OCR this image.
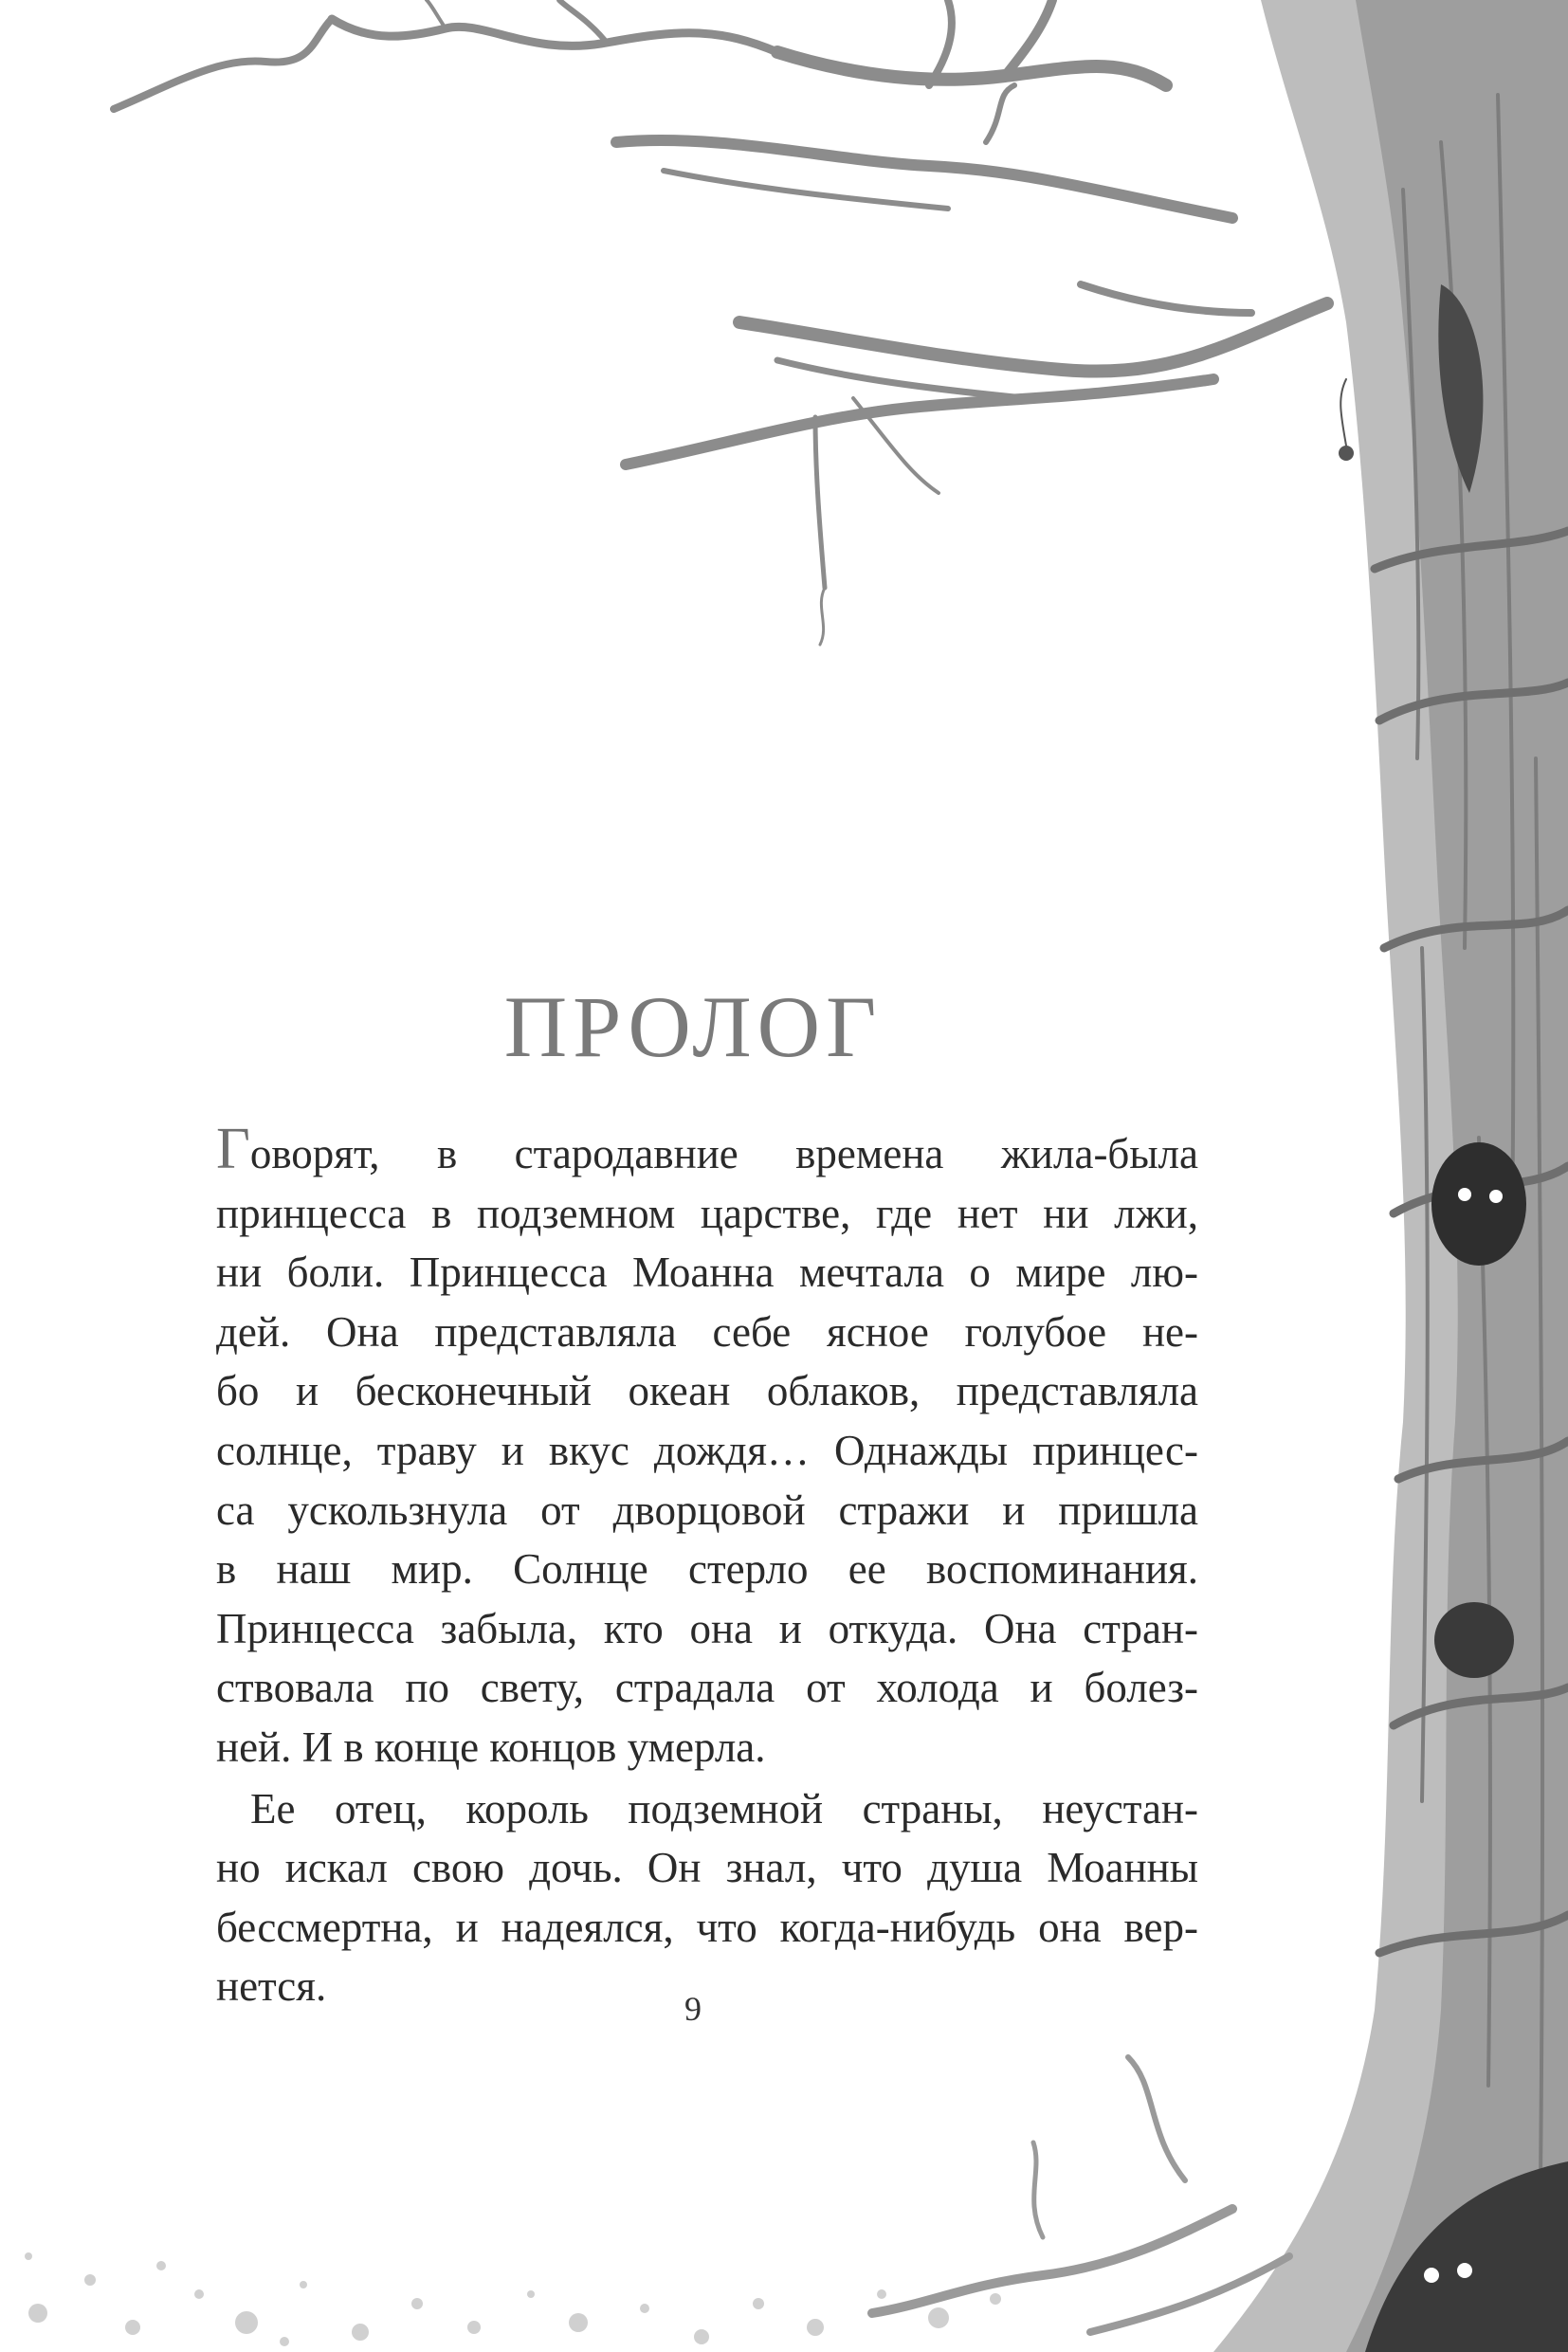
ПРОЛОГ
Говорят, в стародавние времена жила-была
принцесса в подземном царстве, где нет ни лжи,
ни боли. Принцесса Моанна мечтала о мире лю-
дей. Она представляла себе ясное голубое не-
бо и бесконечный океан облаков, представляла
солнце, траву и вкус дождя… Однажды принцес-
са ускользнула от дворцовой стражи и пришла
в наш мир. Солнце стерло ее воспоминания.
Принцесса забыла, кто она и откуда. Она стран-
ствовала по свету, страдала от холода и болез-
ней. И в конце концов умерла.
Ее отец, король подземной страны, неустан-
но искал свою дочь. Он знал, что душа Моанны
бессмертна, и надеялся, что когда-нибудь она вер-
нется.	9
